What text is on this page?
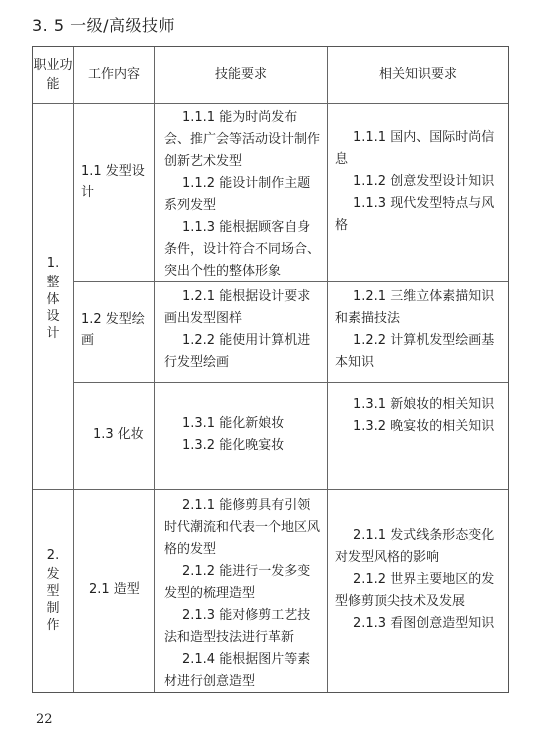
3. 5 一级/高级技师
职业功能
工作内容	技能要求	相关知识要求
1.
整体设计
1.1 发型设计

1.1.1 能为时尚发布会、推广会等活动设计制作创新艺术发型

1.1.2 能设计制作主题系列发型

1.1.3 能根据顾客自身条件，设计符合不同场合、突出个性的整体形象

1.1.1 国内、国际时尚信息

1.1.2 创意发型设计知识

1.1.3 现代发型特点与风格

1.2 发型绘画

1.2.1 能根据设计要求画出发型图样

1.2.2 能使用计算机进行发型绘画

1.2.1 三维立体素描知识和素描技法

1.2.2 计算机发型绘画基本知识

1.3 化妆

1.3.1 能化新娘妆

1.3.2 能化晚宴妆

1.3.1 新娘妆的相关知识

1.3.2 晚宴妆的相关知识

2.
发型制作
2.1 造型

2.1.1 能修剪具有引领时代潮流和代表一个地区风格的发型

2.1.2 能进行一发多变发型的梳理造型

2.1.3 能对修剪工艺技法和造型技法进行革新

2.1.4 能根据图片等素材进行创意造型

2.1.1 发式线条形态变化对发型风格的影响

2.1.2 世界主要地区的发型修剪顶尖技术及发展

2.1.3 看图创意造型知识

22
